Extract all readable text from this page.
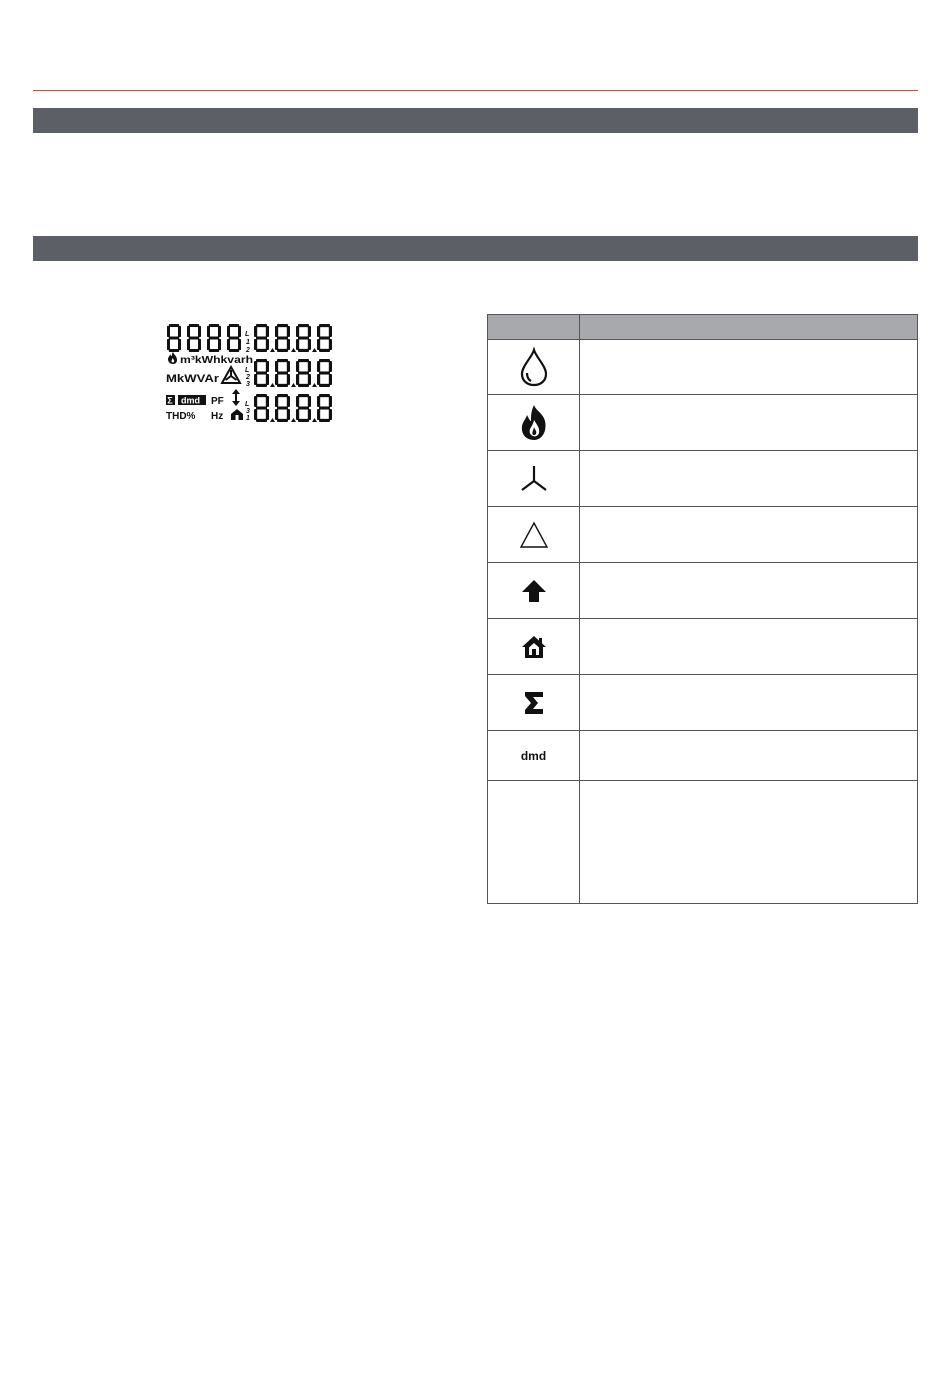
L
1
2
L
2
3
L
3
1
m³kWhkvarh
MkWVAr
Σ dmd PF
THD% Hz
dmd
